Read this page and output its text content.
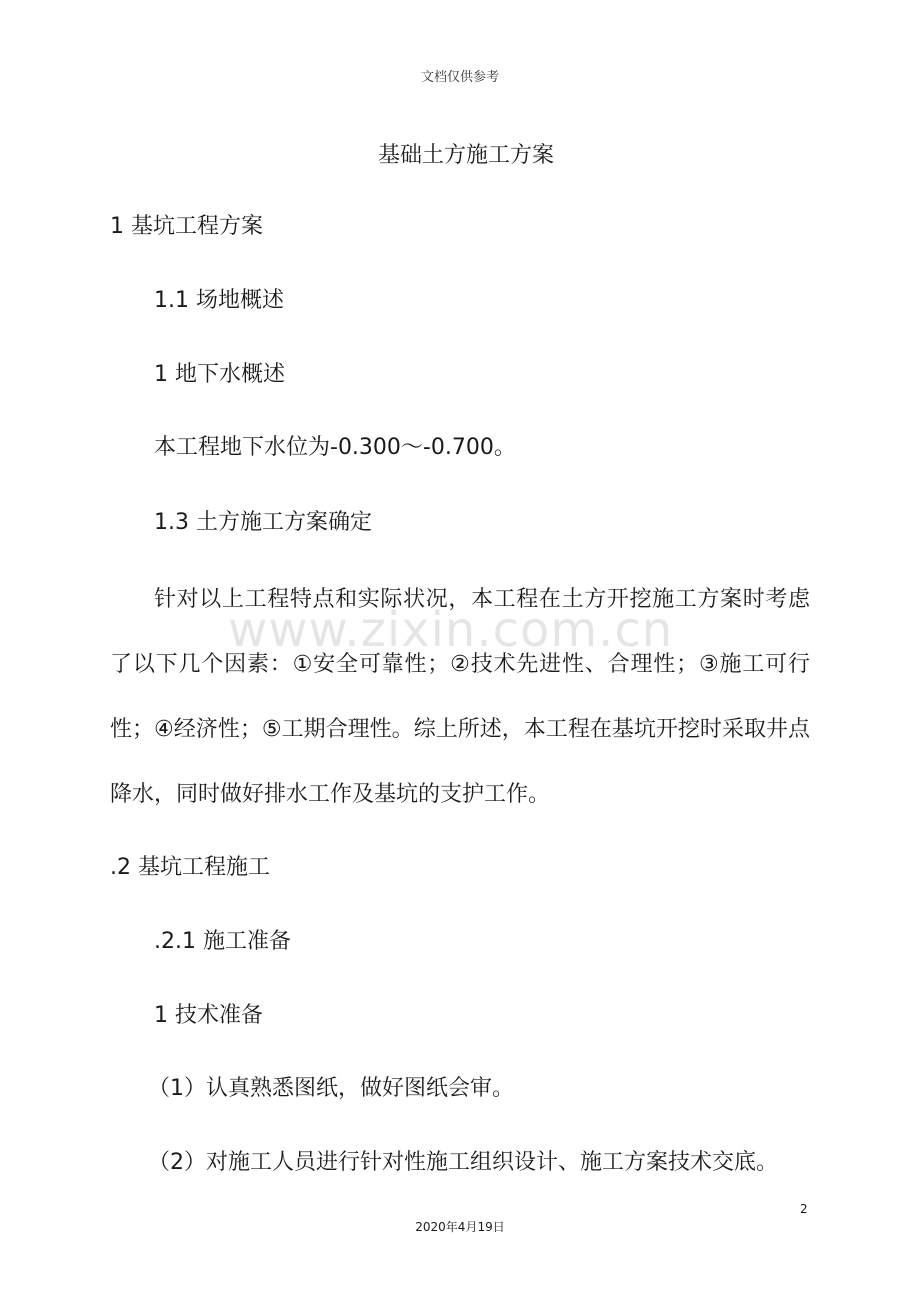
文档仅供参考
基础土方施工方案
1 基坑工程方案
1.1 场地概述
1 地下水概述
本工程地下水位为-0.300～-0.700。
1.3 土方施工方案确定
针对以上工程特点和实际状况，本工程在土方开挖施工方案时考虑了以下几个因素：①安全可靠性；②技术先进性、合理性；③施工可行性；④经济性；⑤工期合理性。综上所述，本工程在基坑开挖时采取井点降水，同时做好排水工作及基坑的支护工作。
www.zixin.com.cn
.2 基坑工程施工
.2.1 施工准备
1 技术准备
（1）认真熟悉图纸，做好图纸会审。
（2）对施工人员进行针对性施工组织设计、施工方案技术交底。
2
2020年4月19日
